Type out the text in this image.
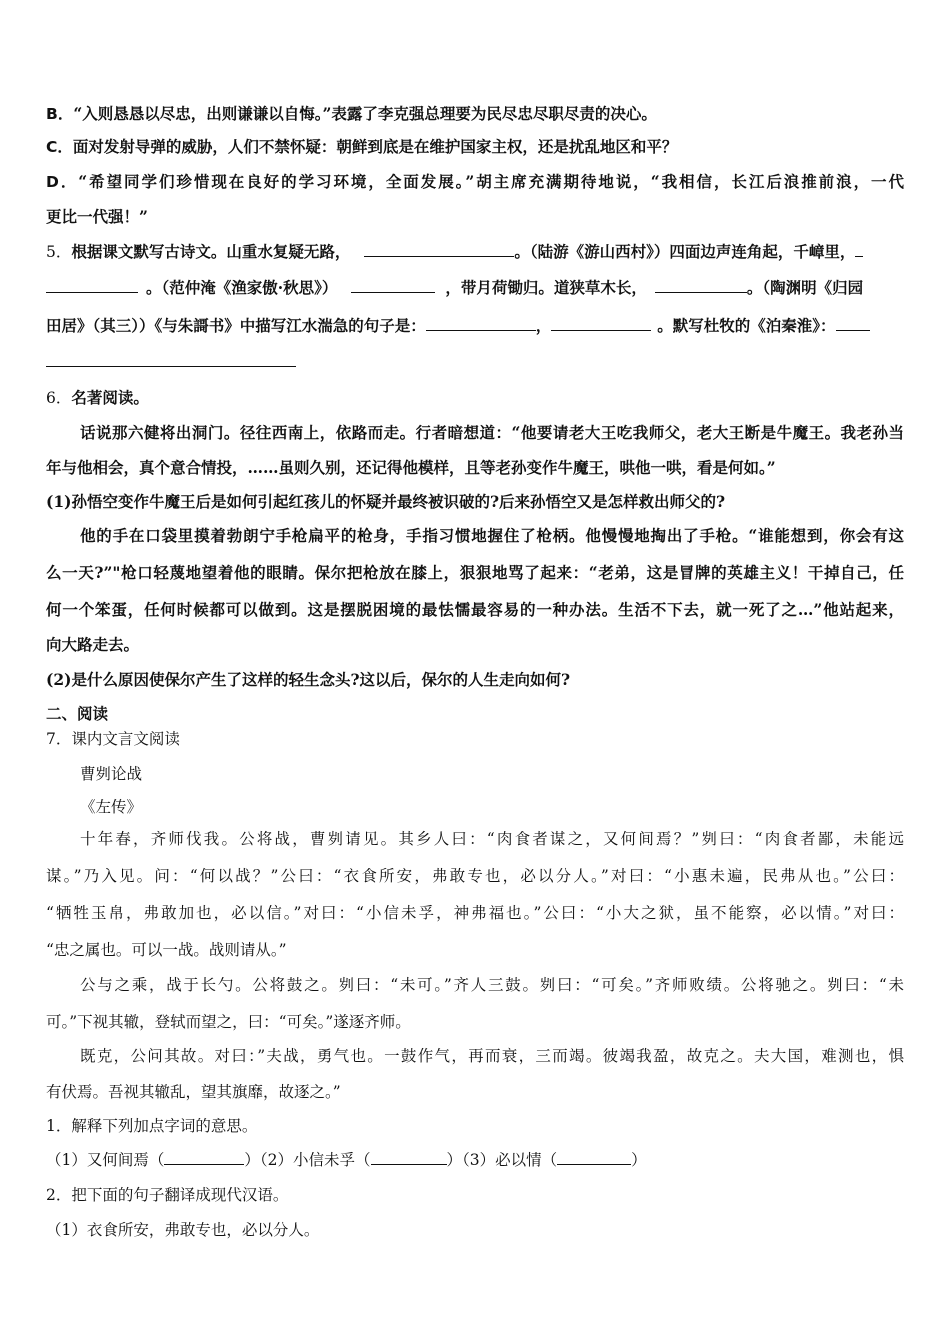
B．“入则恳恳以尽忠，出则谦谦以自悔。”表露了李克强总理要为民尽忠尽职尽责的决心。
C．面对发射导弹的威胁，人们不禁怀疑：朝鲜到底是在维护国家主权，还是扰乱地区和平？
D．“希望同学们珍惜现在良好的学习环境，全面发展。”胡主席充满期待地说，“我相信，长江后浪推前浪，一代
更比一代强！”
5．根据课文默写古诗文。山重水复疑无路，	。（陆游《游山西村》）四面边声连角起，千嶂里，
。（范仲淹《渔家傲·秋思》）	，带月荷锄归。道狭草木长，	。（陶渊明《归园
田居》（其三））《与朱謌书》中描写江水湍急的句子是：	，	。默写杜牧的《泊秦淮》：
6．名著阅读。
话说那六健将出洞门。径往西南上，依路而走。行者暗想道：“他要请老大王吃我师父，老大王断是牛魔王。我老孙当
年与他相会，真个意合情投，……虽则久别，还记得他模样，且等老孙变作牛魔王，哄他一哄，看是何如。”
(1)孙悟空变作牛魔王后是如何引起红孩儿的怀疑并最终被识破的?后来孙悟空又是怎样救出师父的?
他的手在口袋里摸着勃朗宁手枪扁平的枪身，手指习惯地握住了枪柄。他慢慢地掏出了手枪。“谁能想到，你会有这
么一天?”"枪口轻蔑地望着他的眼睛。保尔把枪放在膝上，狠狠地骂了起来：“老弟，这是冒牌的英雄主义！干掉自己，任
何一个笨蛋，任何时候都可以做到。这是摆脱困境的最怯懦最容易的一种办法。生活不下去，就一死了之…”他站起来，
向大路走去。
(2)是什么原因使保尔产生了这样的轻生念头?这以后，保尔的人生走向如何?
二、阅读
7．课内文言文阅读
曹刿论战
《左传》
十年春，齐师伐我。公将战，曹刿请见。其乡人曰：“肉食者谋之，又何间焉？”刿曰：“肉食者鄙，未能远
谋。”乃入见。问：“何以战？”公曰：“衣食所安，弗敢专也，必以分人。”对曰：“小惠未遍，民弗从也。”公曰：
“牺牲玉帛，弗敢加也，必以信。”对曰：“小信未孚，神弗福也。”公曰：“小大之狱，虽不能察，必以情。”对曰：
“忠之属也。可以一战。战则请从。”
公与之乘，战于长勺。公将鼓之。刿曰：“未可。”齐人三鼓。刿曰：“可矣。”齐师败绩。公将驰之。刿曰：“未
可。”下视其辙，登轼而望之，曰：“可矣。”遂逐齐师。
既克，公问其故。对曰：”夫战，勇气也。一鼓作气，再而衰，三而竭。彼竭我盈，故克之。夫大国，难测也，惧
有伏焉。吾视其辙乱，望其旗靡，故逐之。”
1．解释下列加点字词的意思。
（1）又何间焉（	）（2）小信未孚（	）（3）必以情（	）
2．把下面的句子翻译成现代汉语。
（1）衣食所安，弗敢专也，必以分人。
